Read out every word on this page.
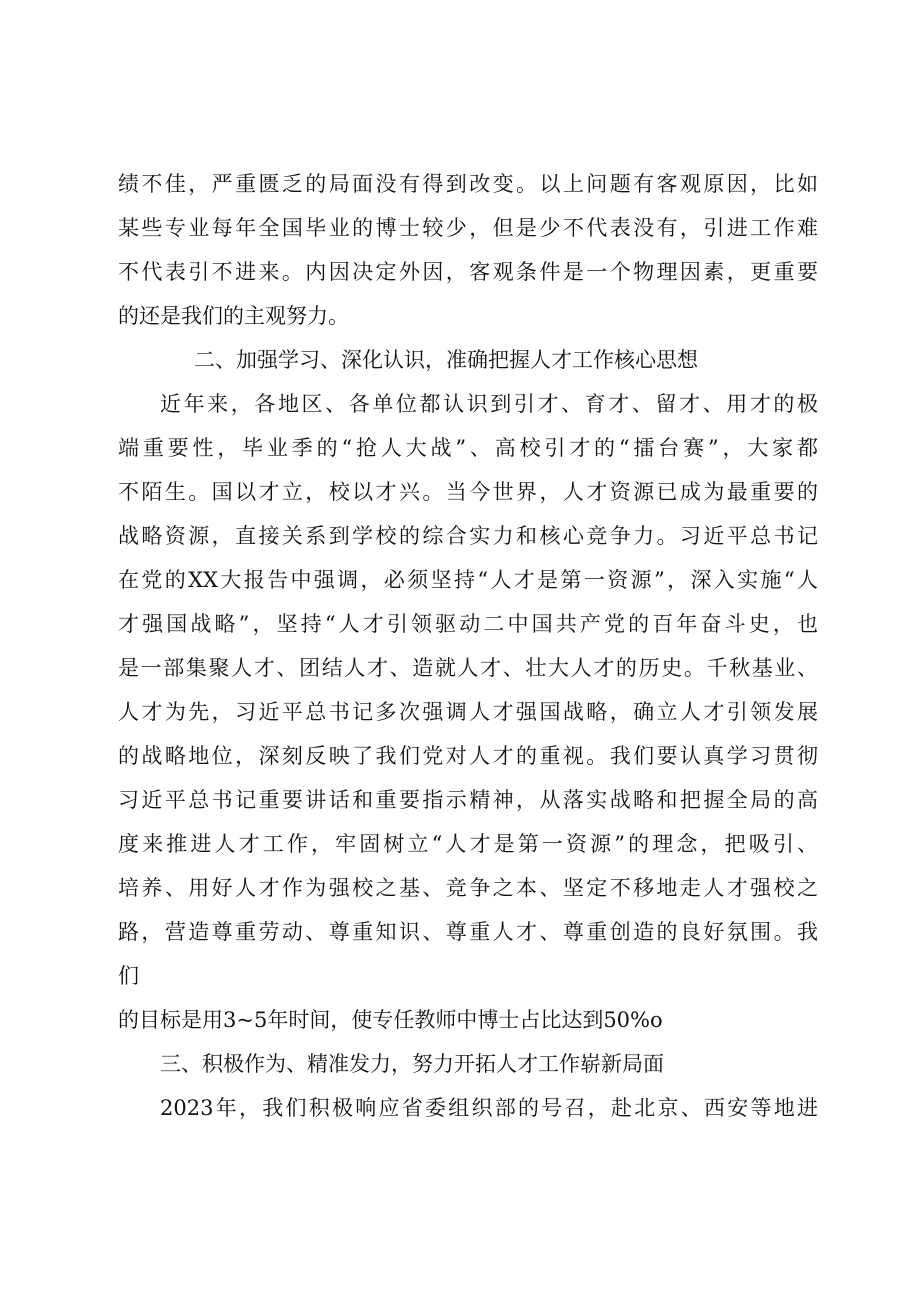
绩不佳，严重匮乏的局面没有得到改变。以上问题有客观原因，比如
某些专业每年全国毕业的博士较少，但是少不代表没有，引进工作难
不代表引不进来。内因决定外因，客观条件是一个物理因素，更重要
的还是我们的主观努力。
二、加强学习、深化认识，准确把握人才工作核心思想
近年来，各地区、各单位都认识到引才、育才、留才、用才的极
端重要性，毕业季的“抢人大战”、高校引才的“擂台赛”，大家都
不陌生。国以才立，校以才兴。当今世界，人才资源已成为最重要的
战略资源，直接关系到学校的综合实力和核心竞争力。习近平总书记
在党的XX大报告中强调，必须坚持“人才是第一资源”，深入实施“人
才强国战略”，坚持“人才引领驱动二中国共产党的百年奋斗史，也
是一部集聚人才、团结人才、造就人才、壮大人才的历史。千秋基业、
人才为先，习近平总书记多次强调人才强国战略，确立人才引领发展
的战略地位，深刻反映了我们党对人才的重视。我们要认真学习贯彻
习近平总书记重要讲话和重要指示精神，从落实战略和把握全局的高
度来推进人才工作，牢固树立“人才是第一资源”的理念，把吸引、
培养、用好人才作为强校之基、竞争之本、坚定不移地走人才强校之
路，营造尊重劳动、尊重知识、尊重人才、尊重创造的良好氛围。我
们
的目标是用3~5年时间，使专任教师中博士占比达到50%o
三、积极作为、精准发力，努力开拓人才工作崭新局面
2023年，我们积极响应省委组织部的号召，赴北京、西安等地进
